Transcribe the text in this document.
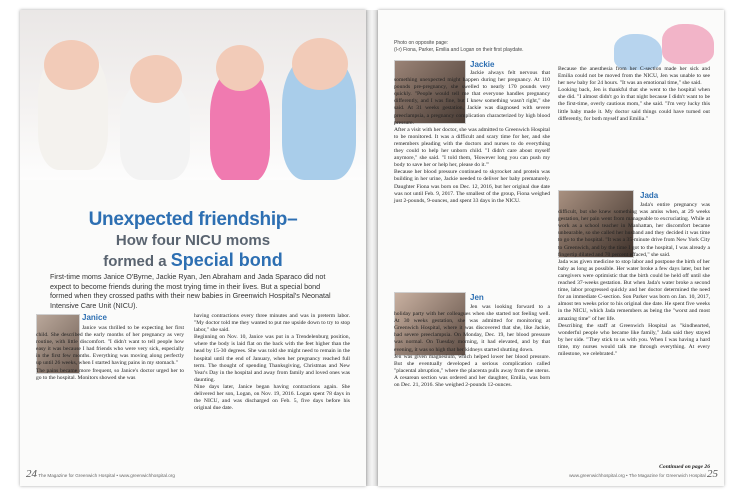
Unexpected friendship–
How four NICU moms
formed a Special bond
First-time moms Janice O'Byrne, Jackie Ryan, Jen Abraham and Jada Sparaco did not expect to become friends during the most trying time in their lives. But a special bond formed when they crossed paths with their new babies in Greenwich Hospital's Neonatal Intensive Care Unit (NICU).
Janice
Janice was thrilled to be expecting her first child. She described the early months of her pregnancy as very routine, with little discomfort. "I didn't want to tell people how easy it was because I had friends who were very sick, especially in the first few months. Everything was moving along perfectly up until 26 weeks, when I started having pains in my stomach."
The pains became more frequent, so Janice's doctor urged her to go to the hospital. Monitors showed she was
having contractions every three minutes and was in preterm labor. "My doctor told me they wanted to put me upside down to try to stop labor," she said.
Beginning on Nov. 10, Janice was put in a Trendelenburg position, where the body is laid flat on the back with the feet higher than the head by 15-30 degrees. She was told she might need to remain in the hospital until the end of January, when her pregnancy reached full term. The thought of spending Thanksgiving, Christmas and New Year's Day in the hospital and away from family and loved ones was daunting.
Nine days later, Janice began having contractions again. She delivered her son, Logan, on Nov. 19, 2016. Logan spent 78 days in the NICU, and was discharged on Feb. 5, five days before his original due date.
24 The Magazine for Greenwich Hospital • www.greenwichhospital.org
Photo on opposite page:
(l-r) Fiona, Parker, Emilia and Logan on their first playdate.
Jackie
Jackie always felt nervous that something unexpected might happen during her pregnancy. At 110 pounds pre-pregnancy, she swelled to nearly 170 pounds very quickly. "People would tell me that everyone handles pregnancy differently, and I was fine, but I knew something wasn't right," she said. At 31 weeks gestation, Jackie was diagnosed with severe preeclampsia, a pregnancy complication characterized by high blood pressure.
After a visit with her doctor, she was admitted to Greenwich Hospital to be monitored. It was a difficult and scary time for her, and she remembers pleading with the doctors and nurses to do everything they could to help her unborn child. "I didn't care about myself anymore," she said. "I told them, 'However long you can push my body to save her or help her, please do it.'"
Because her blood pressure continued to skyrocket and protein was building in her urine, Jackie needed to deliver her baby prematurely. Daughter Fiona was born on Dec. 12, 2016, but her original due date was not until Feb. 9, 2017. The smallest of the group, Fiona weighed just 2-pounds, 9-ounces, and spent 33 days in the NICU.
Jen
Jen was looking forward to a holiday party with her colleagues when she started not feeling well. At 30 weeks gestation, she was admitted for monitoring at Greenwich Hospital, where it was discovered that she, like Jackie, had severe preeclampsia. On Monday, Dec. 19, her blood pressure was normal. On Tuesday morning, it had elevated, and by that evening, it was so high that her kidneys started shutting down.
Jen was given magnesium, which helped lower her blood pressure. But she eventually developed a serious complication called "placental abruption," where the placenta pulls away from the uterus. A cesarean section was ordered and her daughter, Emilia, was born on Dec. 21, 2016. She weighed 2-pounds 12-ounces.
Because the anesthesia from her C-section made her sick and Emilia could not be moved from the NICU, Jen was unable to see her new baby for 24 hours. "It was an emotional time," she said.
Looking back, Jen is thankful that she went to the hospital when she did. "I almost didn't go in that night because I didn't want to be the first-time, overly cautious mom," she said. "I'm very lucky this little baby made it. My doctor said things could have turned out differently, for both myself and Emilia."
Jada
Jada's entire pregnancy was difficult, but she knew something was amiss when, at 29 weeks gestation, her pain went from manageable to excruciating. While at work as a school teacher in Manhattan, her discomfort became unbearable, so she called her husband and they decided it was time to go to the hospital. "It was a 35-minute drive from New York City to Greenwich, and by the time I got to the hospital, I was already a fingertip dilated and 70 percent effaced," she said.
Jada was given medicine to stop labor and postpone the birth of her baby as long as possible. Her water broke a few days later, but her caregivers were optimistic that the birth could be held off until she reached 37-weeks gestation. But when Jada's water broke a second time, labor progressed quickly and her doctor determined the need for an immediate C-section. Son Parker was born on Jan. 10, 2017, almost ten weeks prior to his original due date. He spent five weeks in the NICU, which Jada remembers as being the "worst and most amazing time" of her life.
Describing the staff at Greenwich Hospital as "kindhearted, wonderful people who became like family," Jada said they stayed by her side. "They stick to us with you. When I was having a hard time, my nurses would talk me through everything. At every milestone, we celebrated."
Continued on page 26
www.greenwichhospital.org • The Magazine for Greenwich Hospital 25
